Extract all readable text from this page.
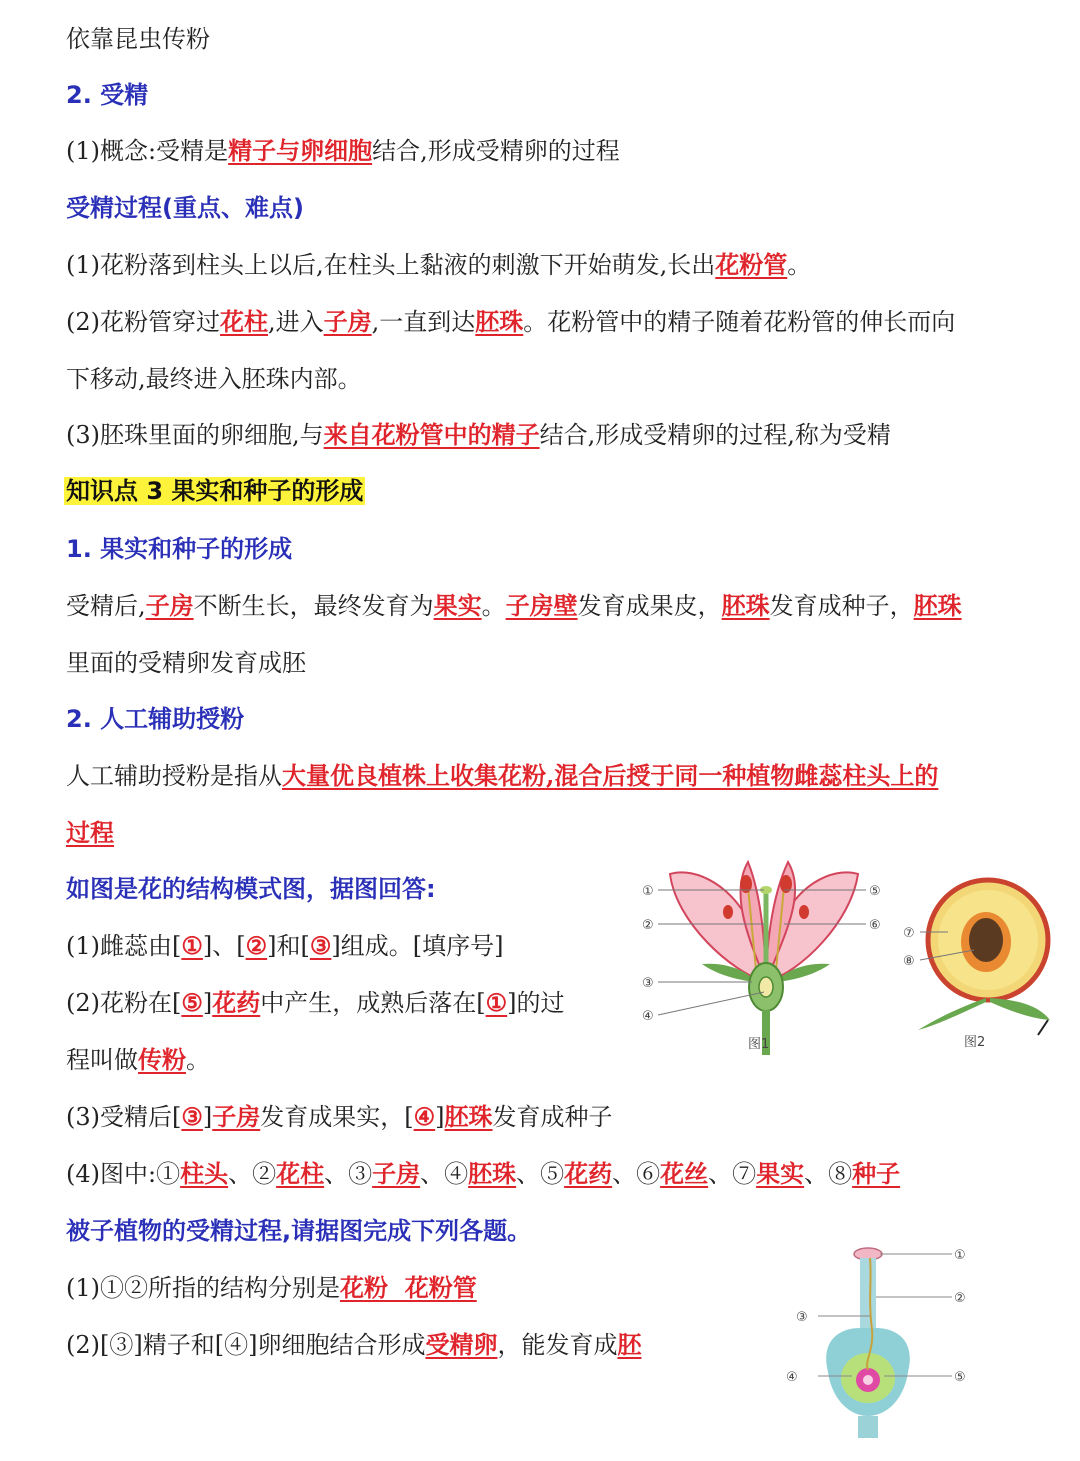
依靠昆虫传粉
2. 受精
(1)概念:受精是精子与卵细胞结合,形成受精卵的过程
受精过程(重点、难点)
(1)花粉落到柱头上以后,在柱头上黏液的刺激下开始萌发,长出花粉管。
(2)花粉管穿过花柱,进入子房,一直到达胚珠。花粉管中的精子随着花粉管的伸长而向
下移动,最终进入胚珠内部。
(3)胚珠里面的卵细胞,与来自花粉管中的精子结合,形成受精卵的过程,称为受精
知识点 3 果实和种子的形成
1. 果实和种子的形成
受精后,子房不断生长，最终发育为果实。子房壁发育成果皮，胚珠发育成种子，胚珠
里面的受精卵发育成胚
2. 人工辅助授粉
人工辅助授粉是指从大量优良植株上收集花粉,混合后授于同一种植物雌蕊柱头上的
过程
如图是花的结构模式图，据图回答:
(1)雌蕊由[①]、[②]和[③]组成。[填序号]
(2)花粉在[⑤]花药中产生，成熟后落在[①]的过
程叫做传粉。
(3)受精后[③]子房发育成果实，[④]胚珠发育成种子
(4)图中:①柱头、②花柱、③子房、④胚珠、⑤花药、⑥花丝、⑦果实、⑧种子
被子植物的受精过程,请据图完成下列各题。
(1)①②所指的结构分别是花粉  花粉管
(2)[③]精子和[④]卵细胞结合形成受精卵，能发育成胚
①
②
③
④
⑤
⑥
图1
⑦
⑧
图2
①
②
③
④	⑤
